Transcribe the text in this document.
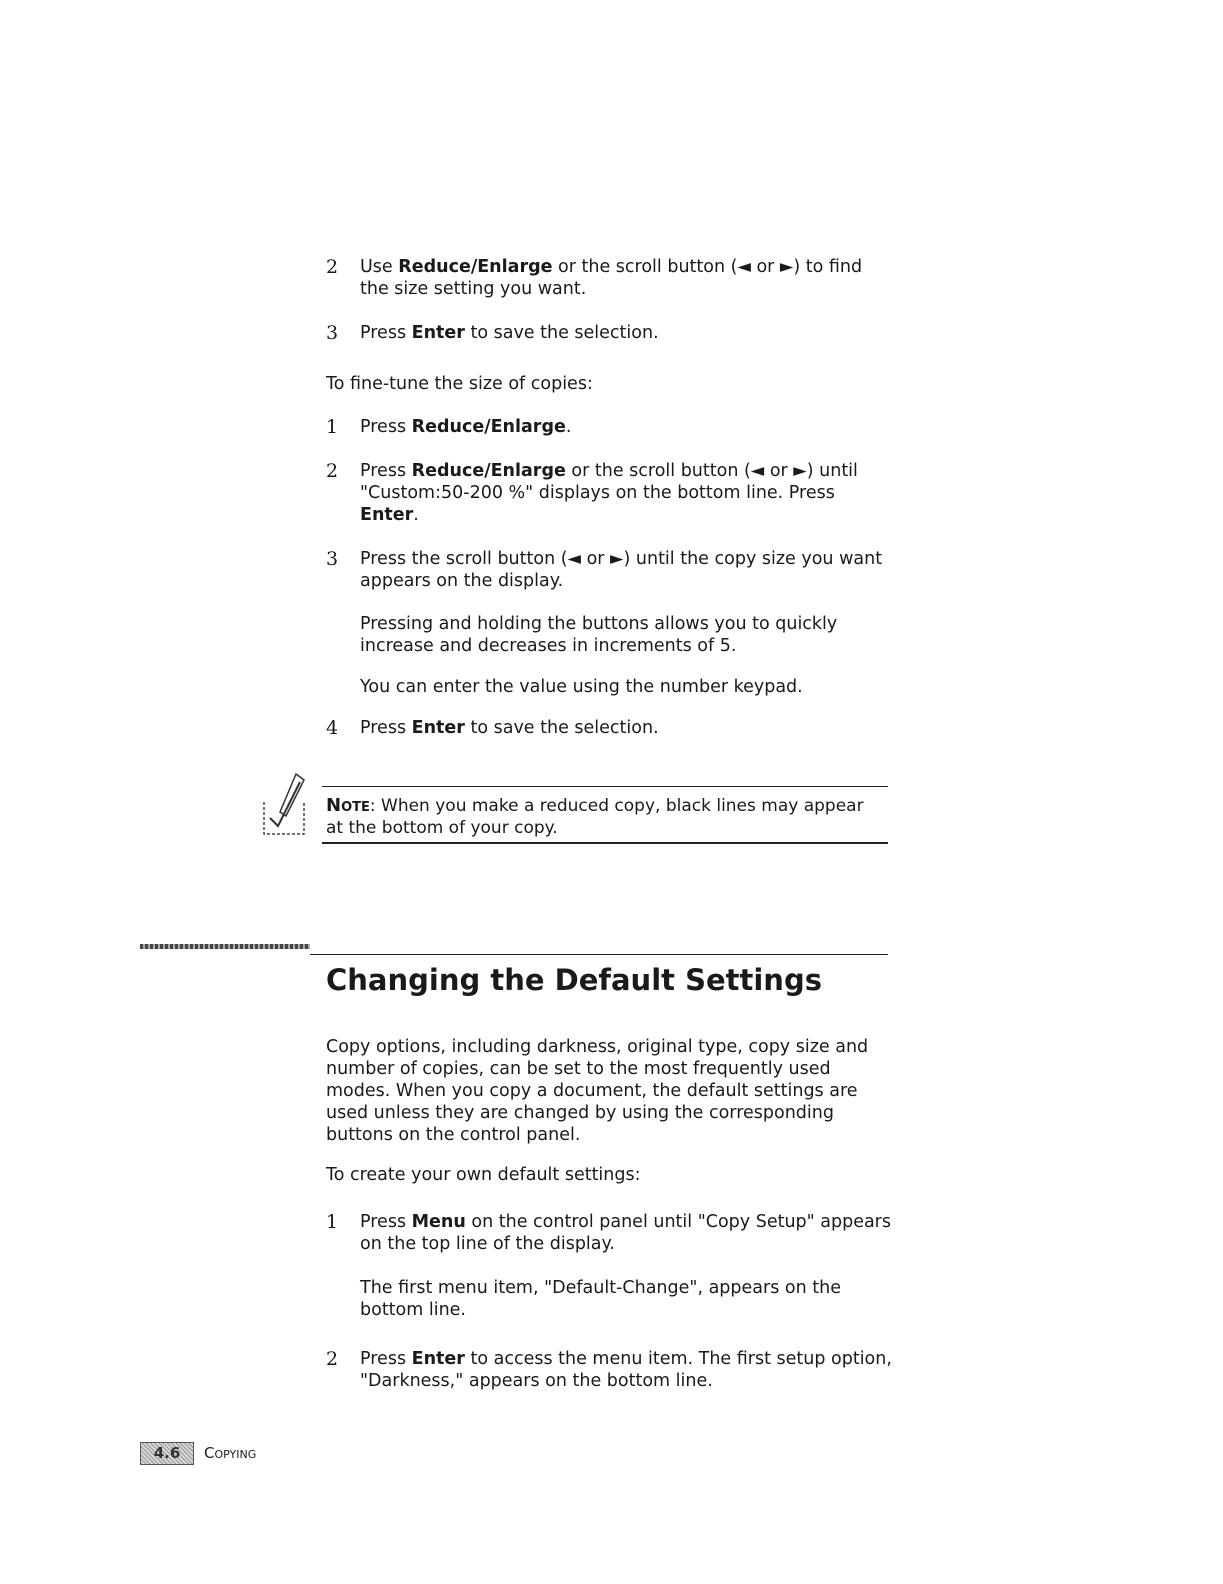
2 Use Reduce/Enlarge or the scroll button (◄ or ►) to find the size setting you want.
3 Press Enter to save the selection.
To fine-tune the size of copies:
1 Press Reduce/Enlarge.
2 Press Reduce/Enlarge or the scroll button (◄ or ►) until "Custom:50-200 %" displays on the bottom line. Press Enter.
3 Press the scroll button (◄ or ►) until the copy size you want appears on the display.
Pressing and holding the buttons allows you to quickly increase and decreases in increments of 5.
You can enter the value using the number keypad.
4 Press Enter to save the selection.
Note: When you make a reduced copy, black lines may appear at the bottom of your copy.
Changing the Default Settings
Copy options, including darkness, original type, copy size and number of copies, can be set to the most frequently used modes. When you copy a document, the default settings are used unless they are changed by using the corresponding buttons on the control panel.
To create your own default settings:
1 Press Menu on the control panel until "Copy Setup" appears on the top line of the display.
The first menu item, "Default-Change", appears on the bottom line.
2 Press Enter to access the menu item. The first setup option, "Darkness," appears on the bottom line.
4.6	Copying
